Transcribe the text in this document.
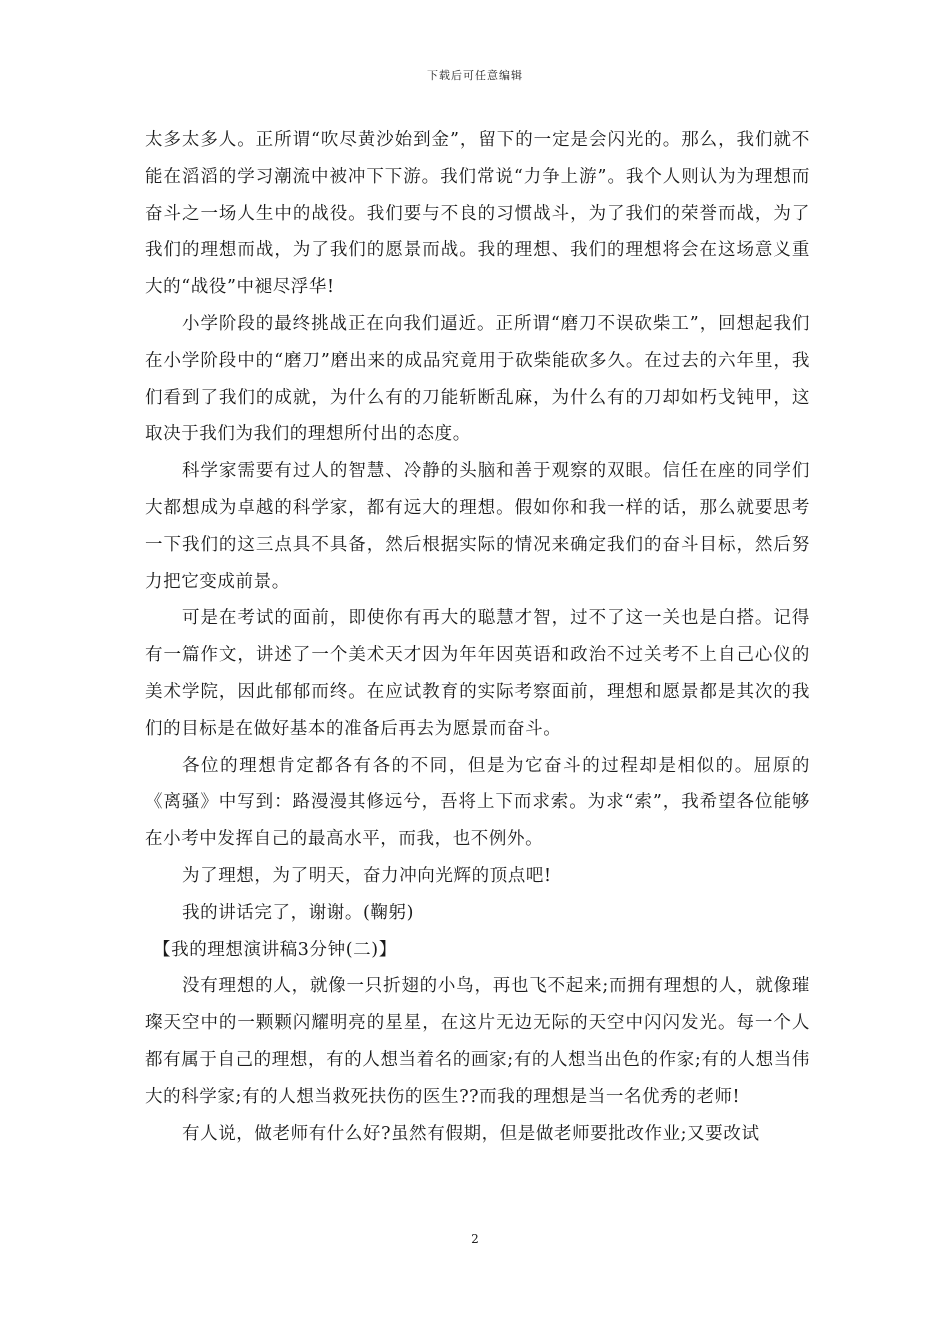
下载后可任意编辑

太多太多人。正所谓“吹尽黄沙始到金”，留下的一定是会闪光的。那么，我们就不能在滔滔的学习潮流中被冲下下游。我们常说“力争上游”。我个人则认为为理想而奋斗之一场人生中的战役。我们要与不良的习惯战斗，为了我们的荣誉而战，为了我们的理想而战，为了我们的愿景而战。我的理想、我们的理想将会在这场意义重大的“战役”中褪尽浮华!

小学阶段的最终挑战正在向我们逼近。正所谓“磨刀不误砍柴工”，回想起我们在小学阶段中的“磨刀”磨出来的成品究竟用于砍柴能砍多久。在过去的六年里，我们看到了我们的成就，为什么有的刀能斩断乱麻，为什么有的刀却如朽戈钝甲，这取决于我们为我们的理想所付出的态度。

科学家需要有过人的智慧、冷静的头脑和善于观察的双眼。信任在座的同学们大都想成为卓越的科学家，都有远大的理想。假如你和我一样的话，那么就要思考一下我们的这三点具不具备，然后根据实际的情况来确定我们的奋斗目标，然后努力把它变成前景。

可是在考试的面前，即使你有再大的聪慧才智，过不了这一关也是白搭。记得有一篇作文，讲述了一个美术天才因为年年因英语和政治不过关考不上自己心仪的美术学院，因此郁郁而终。在应试教育的实际考察面前，理想和愿景都是其次的我们的目标是在做好基本的准备后再去为愿景而奋斗。

各位的理想肯定都各有各的不同，但是为它奋斗的过程却是相似的。屈原的《离骚》中写到：路漫漫其修远兮，吾将上下而求索。为求“索”，我希望各位能够在小考中发挥自己的最高水平，而我，也不例外。

为了理想，为了明天，奋力冲向光辉的顶点吧!

我的讲话完了，谢谢。(鞠躬)

【我的理想演讲稿3分钟(二)】

没有理想的人，就像一只折翅的小鸟，再也飞不起来;而拥有理想的人，就像璀璨天空中的一颗颗闪耀明亮的星星，在这片无边无际的天空中闪闪发光。每一个人都有属于自己的理想，有的人想当着名的画家;有的人想当出色的作家;有的人想当伟大的科学家;有的人想当救死扶伤的医生??而我的理想是当一名优秀的老师!

有人说，做老师有什么好?虽然有假期，但是做老师要批改作业;又要改试

2
